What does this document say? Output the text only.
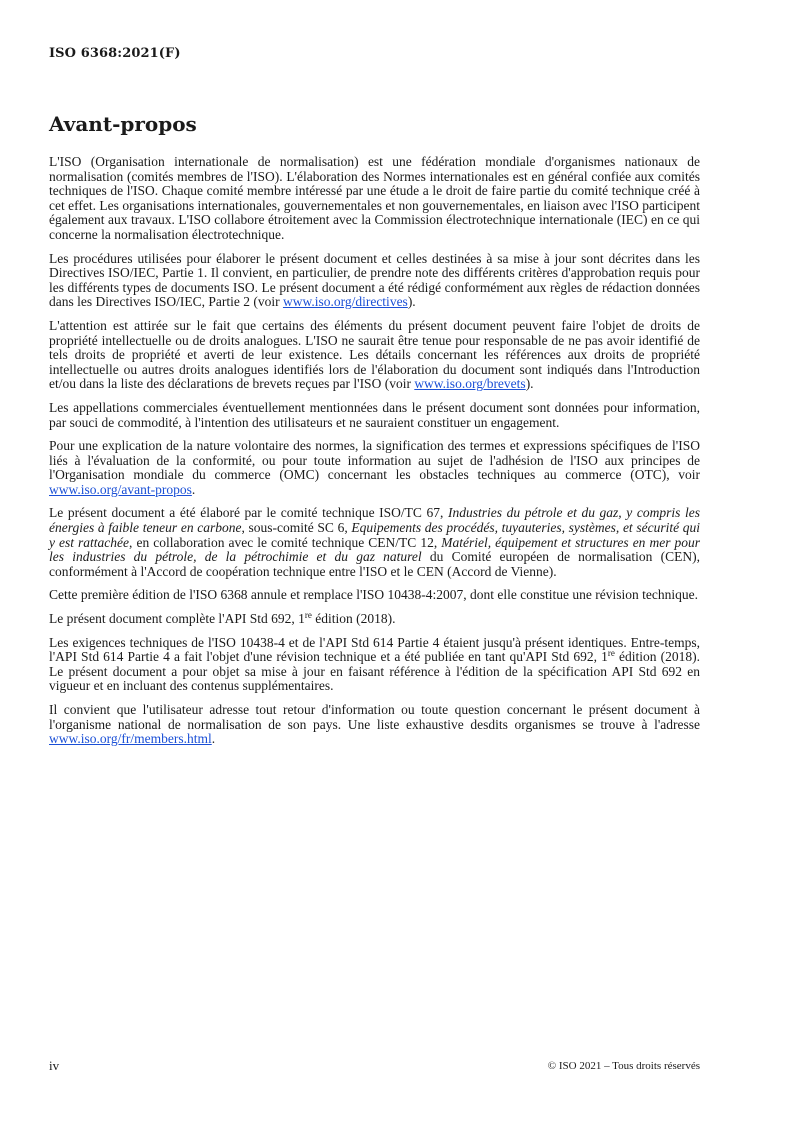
ISO 6368:2021(F)
Avant-propos

L'ISO (Organisation internationale de normalisation) est une fédération mondiale d'organismes nationaux de normalisation (comités membres de l'ISO). L'élaboration des Normes internationales est en général confiée aux comités techniques de l'ISO. Chaque comité membre intéressé par une étude a le droit de faire partie du comité technique créé à cet effet. Les organisations internationales, gouvernementales et non gouvernementales, en liaison avec l'ISO participent également aux travaux. L'ISO collabore étroitement avec la Commission électrotechnique internationale (IEC) en ce qui concerne la normalisation électrotechnique.

Les procédures utilisées pour élaborer le présent document et celles destinées à sa mise à jour sont décrites dans les Directives ISO/IEC, Partie 1. Il convient, en particulier, de prendre note des différents critères d'approbation requis pour les différents types de documents ISO. Le présent document a été rédigé conformément aux règles de rédaction données dans les Directives ISO/IEC, Partie 2 (voir www.iso.org/directives).

L'attention est attirée sur le fait que certains des éléments du présent document peuvent faire l'objet de droits de propriété intellectuelle ou de droits analogues. L'ISO ne saurait être tenue pour responsable de ne pas avoir identifié de tels droits de propriété et averti de leur existence. Les détails concernant les références aux droits de propriété intellectuelle ou autres droits analogues identifiés lors de l'élaboration du document sont indiqués dans l'Introduction et/ou dans la liste des déclarations de brevets reçues par l'ISO (voir www.iso.org/brevets).

Les appellations commerciales éventuellement mentionnées dans le présent document sont données pour information, par souci de commodité, à l'intention des utilisateurs et ne sauraient constituer un engagement.

Pour une explication de la nature volontaire des normes, la signification des termes et expressions spécifiques de l'ISO liés à l'évaluation de la conformité, ou pour toute information au sujet de l'adhésion de l'ISO aux principes de l'Organisation mondiale du commerce (OMC) concernant les obstacles techniques au commerce (OTC), voir www.iso.org/avant-propos.

Le présent document a été élaboré par le comité technique ISO/TC 67, Industries du pétrole et du gaz, y compris les énergies à faible teneur en carbone, sous-comité SC 6, Equipements des procédés, tuyauteries, systèmes, et sécurité qui y est rattachée, en collaboration avec le comité technique CEN/TC 12, Matériel, équipement et structures en mer pour les industries du pétrole, de la pétrochimie et du gaz naturel du Comité européen de normalisation (CEN), conformément à l'Accord de coopération technique entre l'ISO et le CEN (Accord de Vienne).

Cette première édition de l'ISO 6368 annule et remplace l'ISO 10438-4:2007, dont elle constitue une révision technique.

Le présent document complète l'API Std 692, 1re édition (2018).

Les exigences techniques de l'ISO 10438-4 et de l'API Std 614 Partie 4 étaient jusqu'à présent identiques. Entre-temps, l'API Std 614 Partie 4 a fait l'objet d'une révision technique et a été publiée en tant qu'API Std 692, 1re édition (2018). Le présent document a pour objet sa mise à jour en faisant référence à l'édition de la spécification API Std 692 en vigueur et en incluant des contenus supplémentaires.

Il convient que l'utilisateur adresse tout retour d'information ou toute question concernant le présent document à l'organisme national de normalisation de son pays. Une liste exhaustive desdits organismes se trouve à l'adresse www.iso.org/fr/members.html.

iv	© ISO 2021 – Tous droits réservés
